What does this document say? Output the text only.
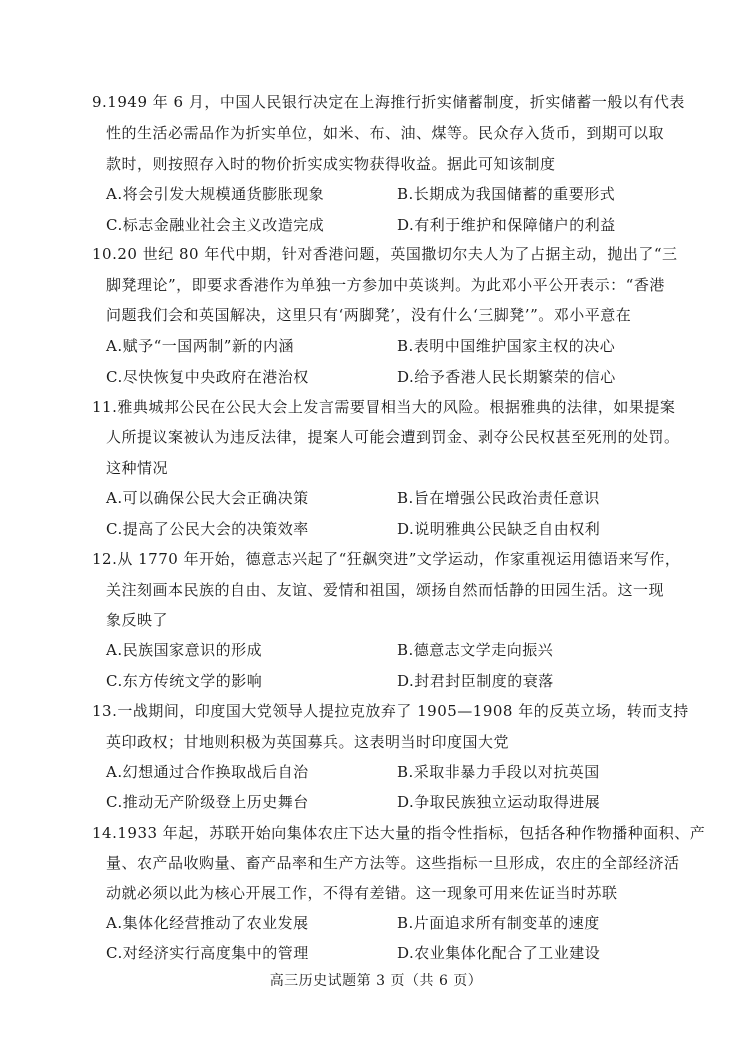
9.1949 年 6 月，中国人民银行决定在上海推行折实储蓄制度，折实储蓄一般以有代表
性的生活必需品作为折实单位，如米、布、油、煤等。民众存入货币，到期可以取
款时，则按照存入时的物价折实成实物获得收益。据此可知该制度
A.将会引发大规模通货膨胀现象	B.长期成为我国储蓄的重要形式
C.标志金融业社会主义改造完成	D.有利于维护和保障储户的利益
10.20 世纪 80 年代中期，针对香港问题，英国撒切尔夫人为了占据主动，抛出了“三
脚凳理论”，即要求香港作为单独一方参加中英谈判。为此邓小平公开表示：“香港
问题我们会和英国解决，这里只有‘两脚凳’，没有什么‘三脚凳’”。邓小平意在
A.赋予“一国两制”新的内涵	B.表明中国维护国家主权的决心
C.尽快恢复中央政府在港治权	D.给予香港人民长期繁荣的信心
11.雅典城邦公民在公民大会上发言需要冒相当大的风险。根据雅典的法律，如果提案
人所提议案被认为违反法律，提案人可能会遭到罚金、剥夺公民权甚至死刑的处罚。
这种情况
A.可以确保公民大会正确决策	B.旨在增强公民政治责任意识
C.提高了公民大会的决策效率	D.说明雅典公民缺乏自由权利
12.从 1770 年开始，德意志兴起了“狂飙突进”文学运动，作家重视运用德语来写作，
关注刻画本民族的自由、友谊、爱情和祖国，颂扬自然而恬静的田园生活。这一现
象反映了
A.民族国家意识的形成	B.德意志文学走向振兴
C.东方传统文学的影响	D.封君封臣制度的衰落
13.一战期间，印度国大党领导人提拉克放弃了 1905—1908 年的反英立场，转而支持
英印政权；甘地则积极为英国募兵。这表明当时印度国大党
A.幻想通过合作换取战后自治	B.采取非暴力手段以对抗英国
C.推动无产阶级登上历史舞台	D.争取民族独立运动取得进展
14.1933 年起，苏联开始向集体农庄下达大量的指令性指标，包括各种作物播种面积、产
量、农产品收购量、畜产品率和生产方法等。这些指标一旦形成，农庄的全部经济活
动就必须以此为核心开展工作，不得有差错。这一现象可用来佐证当时苏联
A.集体化经营推动了农业发展	B.片面追求所有制变革的速度
C.对经济实行高度集中的管理	D.农业集体化配合了工业建设
高三历史试题第 3 页（共 6 页）
